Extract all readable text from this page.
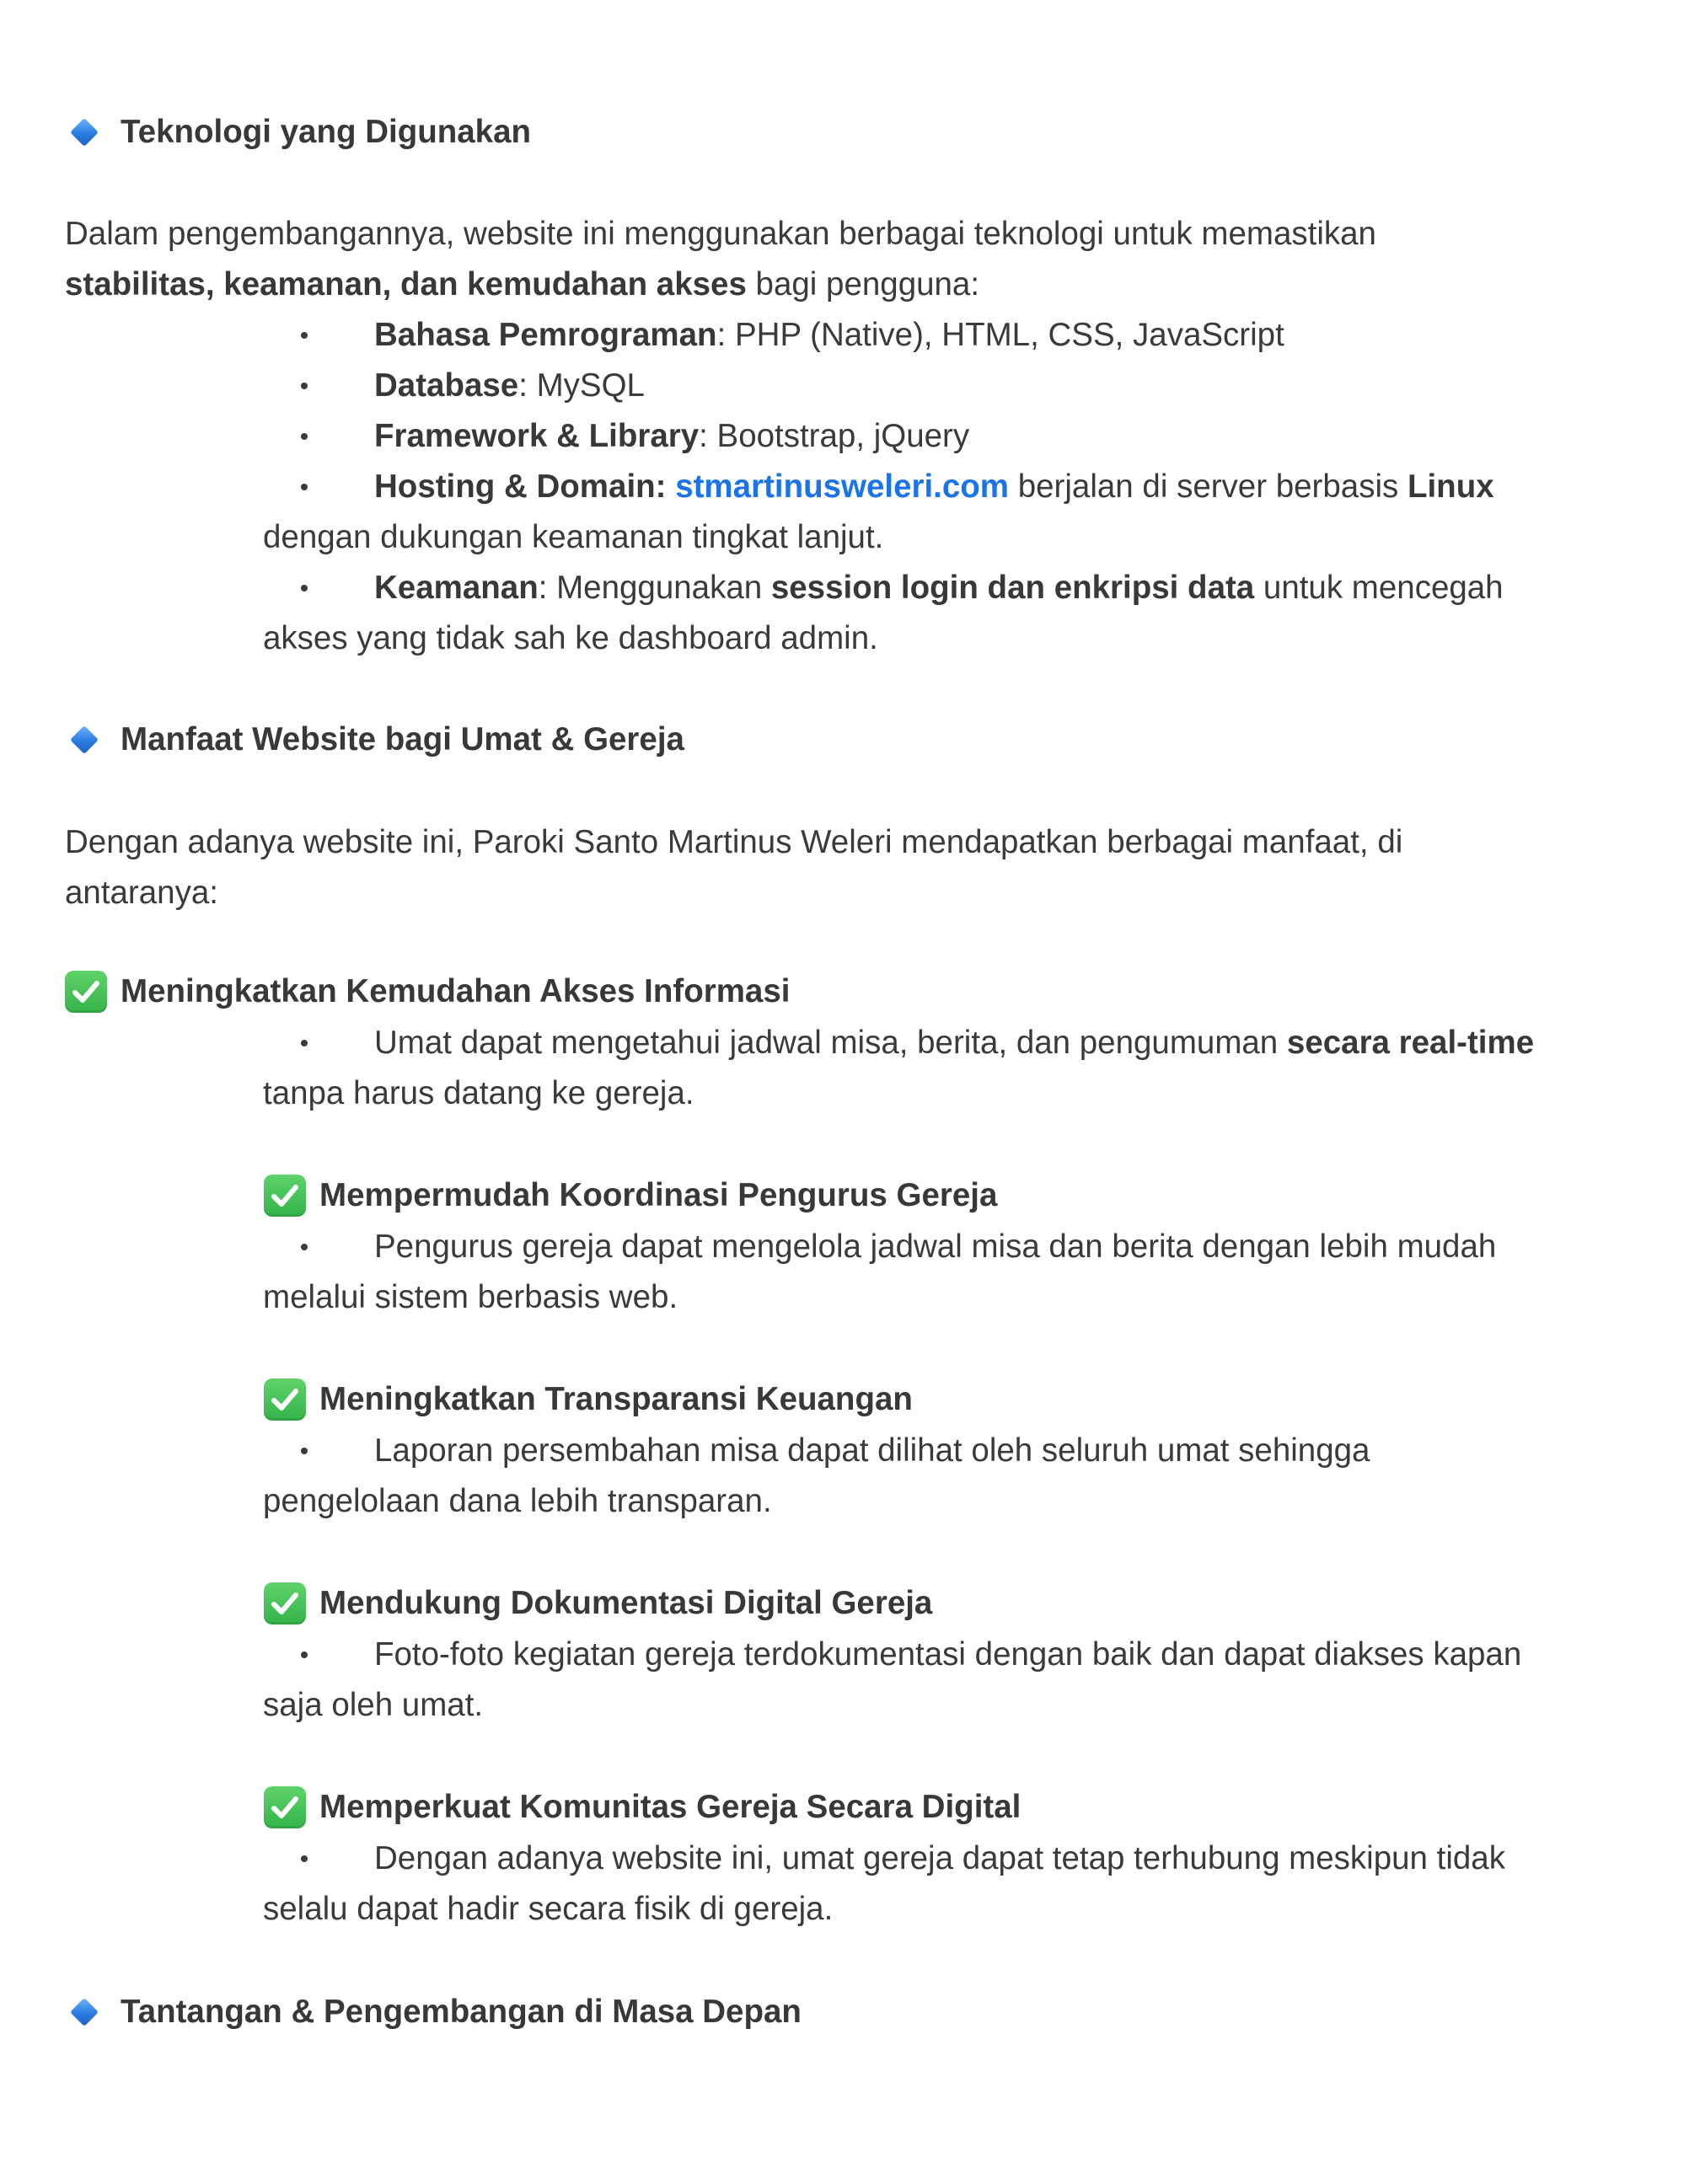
Teknologi yang Digunakan
Dalam pengembangannya, website ini menggunakan berbagai teknologi untuk memastikan
stabilitas, keamanan, dan kemudahan akses bagi pengguna:
Bahasa Pemrograman: PHP (Native), HTML, CSS, JavaScript
Database: MySQL
Framework & Library: Bootstrap, jQuery
Hosting & Domain: stmartinusweleri.com berjalan di server berbasis Linux
dengan dukungan keamanan tingkat lanjut.
Keamanan: Menggunakan session login dan enkripsi data untuk mencegah
akses yang tidak sah ke dashboard admin.
Manfaat Website bagi Umat & Gereja
Dengan adanya website ini, Paroki Santo Martinus Weleri mendapatkan berbagai manfaat, di
antaranya:
Meningkatkan Kemudahan Akses Informasi
Umat dapat mengetahui jadwal misa, berita, dan pengumuman secara real-time
tanpa harus datang ke gereja.
Mempermudah Koordinasi Pengurus Gereja
Pengurus gereja dapat mengelola jadwal misa dan berita dengan lebih mudah
melalui sistem berbasis web.
Meningkatkan Transparansi Keuangan
Laporan persembahan misa dapat dilihat oleh seluruh umat sehingga
pengelolaan dana lebih transparan.
Mendukung Dokumentasi Digital Gereja
Foto-foto kegiatan gereja terdokumentasi dengan baik dan dapat diakses kapan
saja oleh umat.
Memperkuat Komunitas Gereja Secara Digital
Dengan adanya website ini, umat gereja dapat tetap terhubung meskipun tidak
selalu dapat hadir secara fisik di gereja.
Tantangan & Pengembangan di Masa Depan
